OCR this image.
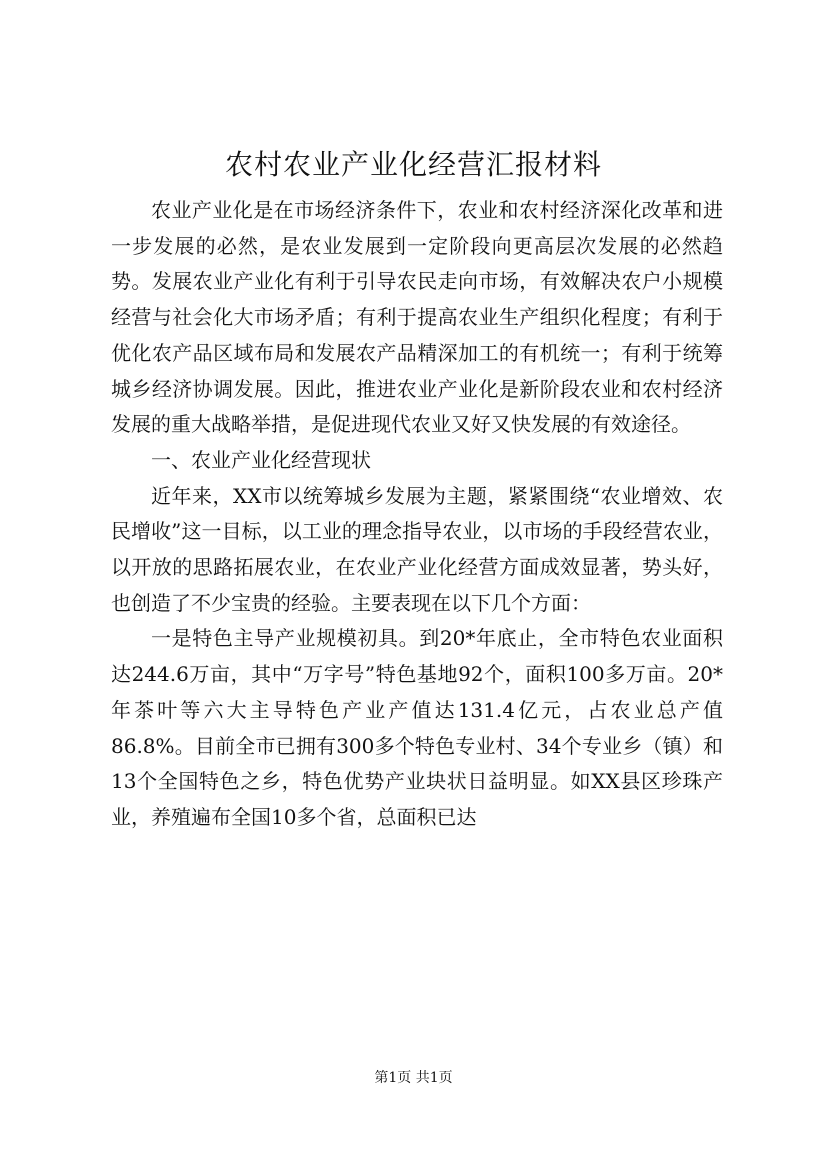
农村农业产业化经营汇报材料

农业产业化是在市场经济条件下，农业和农村经济深化改革和进一步发展的必然，是农业发展到一定阶段向更高层次发展的必然趋势。发展农业产业化有利于引导农民走向市场，有效解决农户小规模经营与社会化大市场矛盾；有利于提高农业生产组织化程度；有利于优化农产品区域布局和发展农产品精深加工的有机统一；有利于统筹城乡经济协调发展。因此，推进农业产业化是新阶段农业和农村经济发展的重大战略举措，是促进现代农业又好又快发展的有效途径。

一、农业产业化经营现状

近年来，XX市以统筹城乡发展为主题，紧紧围绕“农业增效、农民增收”这一目标，以工业的理念指导农业，以市场的手段经营农业，以开放的思路拓展农业，在农业产业化经营方面成效显著，势头好，也创造了不少宝贵的经验。主要表现在以下几个方面：

一是特色主导产业规模初具。到20*年底止，全市特色农业面积达244.6万亩，其中“万字号”特色基地92个，面积100多万亩。20*年茶叶等六大主导特色产业产值达131.4亿元，占农业总产值86.8%。目前全市已拥有300多个特色专业村、34个专业乡（镇）和13个全国特色之乡，特色优势产业块状日益明显。如XX县区珍珠产业，养殖遍布全国10多个省，总面积已达

第1页 共1页
